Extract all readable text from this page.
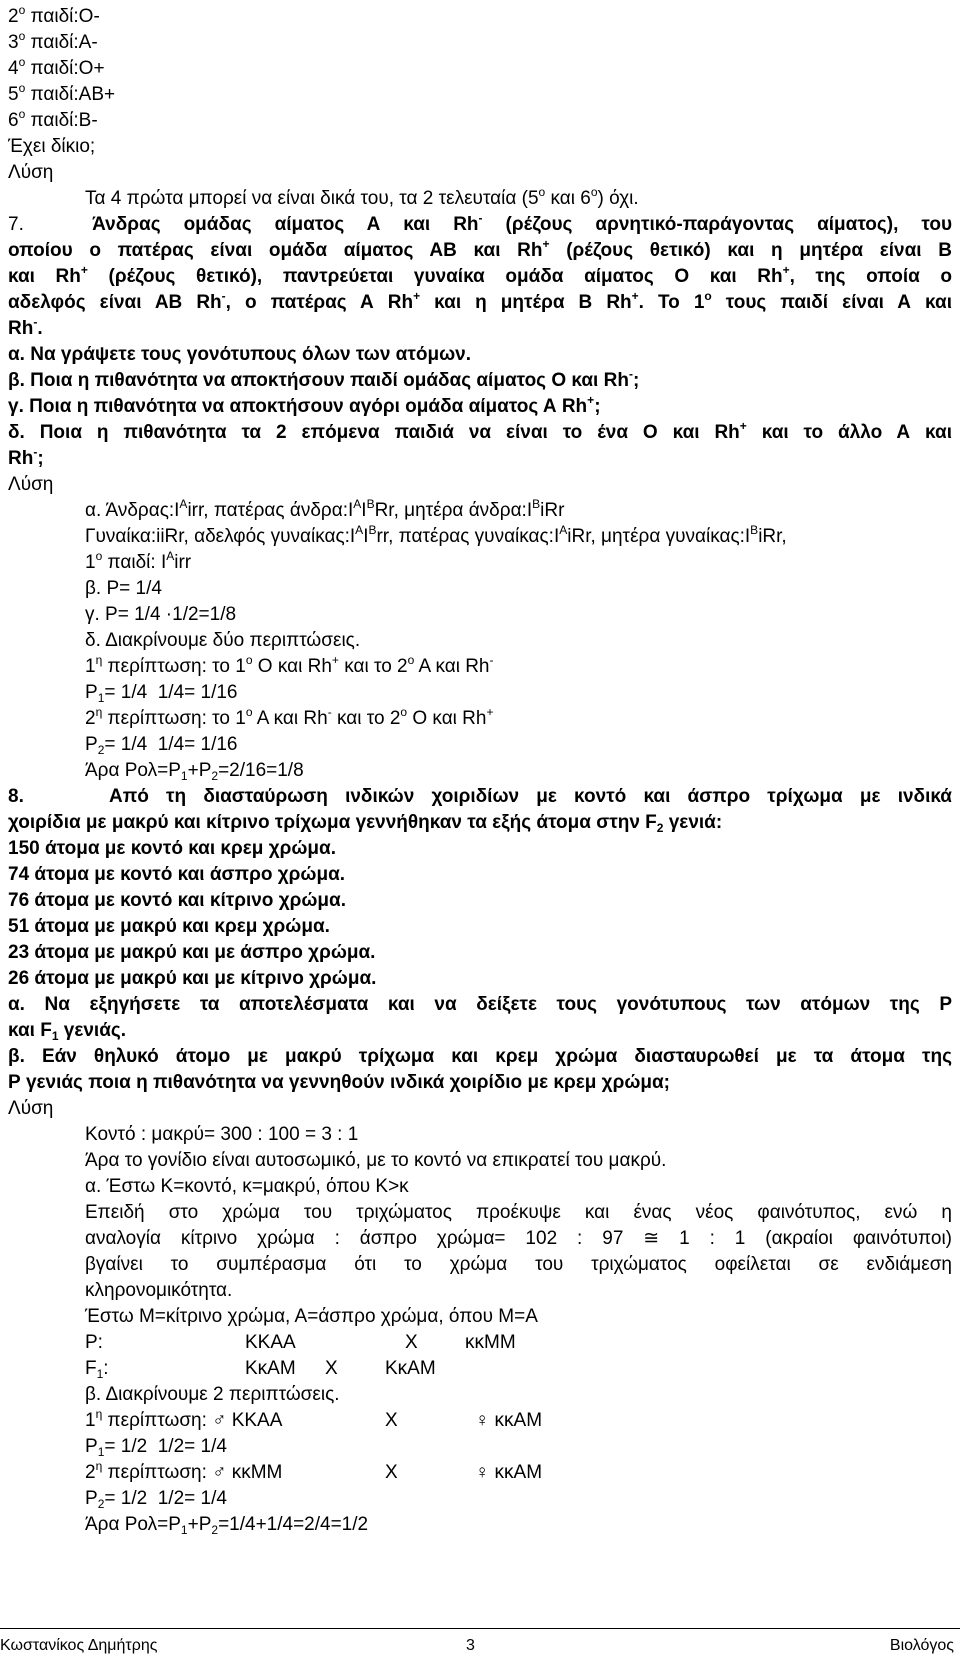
$2^o$ παιδί:Ο-
$3^o$ παιδί:Α-
$4^o$ παιδί:Ο+
$5^o$ παιδί:ΑΒ+
$6^o$ παιδί:Β-
Έχει δίκιο;
Λύση
Τα 4 πρώτα μπορεί να είναι δικά του, τα 2 τελευταία ($5^o$ και $6^o$) όχι.
7.   Άνδρας ομάδας αίματος Α και Rh- (ρέζους αρνητικό-παράγοντας αίματος), του
οποίου ο πατέρας είναι ομάδα αίματος ΑΒ και Rh+ (ρέζους θετικό) και η μητέρα είναι Β
και Rh+ (ρέζους θετικό), παντρεύεται γυναίκα ομάδα αίματος Ο και Rh+, της οποία ο
αδελφός είναι ΑΒ Rh-, ο πατέρας Α Rh+ και η μητέρα Β Rh+. Το $1^o$ τους παιδί είναι Α και
Rh-.
α. Να γράψετε τους γονότυπους όλων των ατόμων.
β. Ποια η πιθανότητα να αποκτήσουν παιδί ομάδας αίματος Ο και Rh-;
γ. Ποια η πιθανότητα να αποκτήσουν αγόρι ομάδα αίματος Α Rh+;
δ. Ποια η πιθανότητα τα 2 επόμενα παιδιά να είναι το ένα Ο και Rh+ και το άλλο Α και
Rh-;
Λύση
α. $Ά\nu\delta\rho\alpha\varsigma:I^Airr$, πατέρας $ά\nu\delta\rho\alpha:I^AI^BRr$, μητέρα $ά\nu\delta\rho\alpha:I^BiRr$
Γυναίκα:iiRr, αδελφός $\gamma\upsilon\nu\alpha ί\kappa\alpha\varsigma:I^AI^Brr$, πατέρας $\gamma\upsilon\nu\alpha ί\kappa\alpha\varsigma:I^AiRr$, μητέρα $\gamma\upsilon\nu\alpha ί\kappa\alpha\varsigma:I^BiRr$,
$1^o$ παιδί: $I^Airr$
β. P= 1/4
γ. P= 1/4 ·1/2=1/8
δ. Διακρίνουμε δύο περιπτώσεις.
$1^\eta$ περίπτωση: το $1^o$ Ο και Rh+ και το $2^o$ Α και Rh-
$P_1= 1/4$  1/4= 1/16
$2^\eta$ περίπτωση: το $1^o$ Α και Rh- και το $2^o$ Ο και Rh+
$P_2= 1/4$  1/4= 1/16
Άρα $Po\lambda=P_1+P_2=2/16=1/8$
8.     Από τη διασταύρωση ινδικών χοιριδίων με κοντό και άσπρο τρίχωμα με ινδικά
χοιρίδια με μακρύ και κίτρινο τρίχωμα γεννήθηκαν τα εξής άτομα στην $F_2$ γενιά:
150 άτομα με κοντό και κρεμ χρώμα.
74 άτομα με κοντό και άσπρο χρώμα.
76 άτομα με κοντό και κίτρινο χρώμα.
51 άτομα με μακρύ και κρεμ χρώμα.
23 άτομα με μακρύ και με άσπρο χρώμα.
26 άτομα με μακρύ και με κίτρινο χρώμα.
α. Να εξηγήσετε τα αποτελέσματα και να δείξετε τους γονότυπους των ατόμων της Ρ
και $F_1$ γενιάς.
β. Εάν θηλυκό άτομο με μακρύ τρίχωμα και κρεμ χρώμα διασταυρωθεί με τα άτομα της
Ρ γενιάς ποια η πιθανότητα να γεννηθούν ινδικά χοιρίδιο με κρεμ χρώμα;
Λύση
Κοντό : μακρύ= 300 : 100 = 3 : 1
Άρα το γονίδιο είναι αυτοσωμικό, με το κοντό να επικρατεί του μακρύ.
α. Έστω Κ=κοντό, κ=μακρύ, όπου Κ>κ
Επειδή στο χρώμα του τριχώματος προέκυψε και ένας νέος φαινότυπος, ενώ η
αναλογία κίτρινο χρώμα : άσπρο χρώμα= 102 : 97 ≅ 1 : 1 (ακραίοι φαινότυποι)
βγαίνει το συμπέρασμα ότι το χρώμα του τριχώματος οφείλεται σε ενδιάμεση
κληρονομικότητα.
Έστω Μ=κίτρινο χρώμα, Α=άσπρο χρώμα, όπου Μ=Α
P:	ΚΚΑΑ	Χ κκΜΜ
$F_1$:	ΚκΑΜ Χ ΚκΑΜ
β. Διακρίνουμε 2 περιπτώσεις.
$1^\eta$ περίπτωση: ♂ ΚΚΑΑ	Χ	♀ κκΑΜ
$P_1= 1/2$  1/2= 1/4
$2^\eta$ περίπτωση: ♂ κκΜΜ	Χ	♀ κκΑΜ
$P_2= 1/2$  1/2= 1/4
Άρα $Po\lambda=P_1+P_2=1/4+1/4=2/4=1/2$
Κωστανίκος Δημήτρης	3	Βιολόγος
